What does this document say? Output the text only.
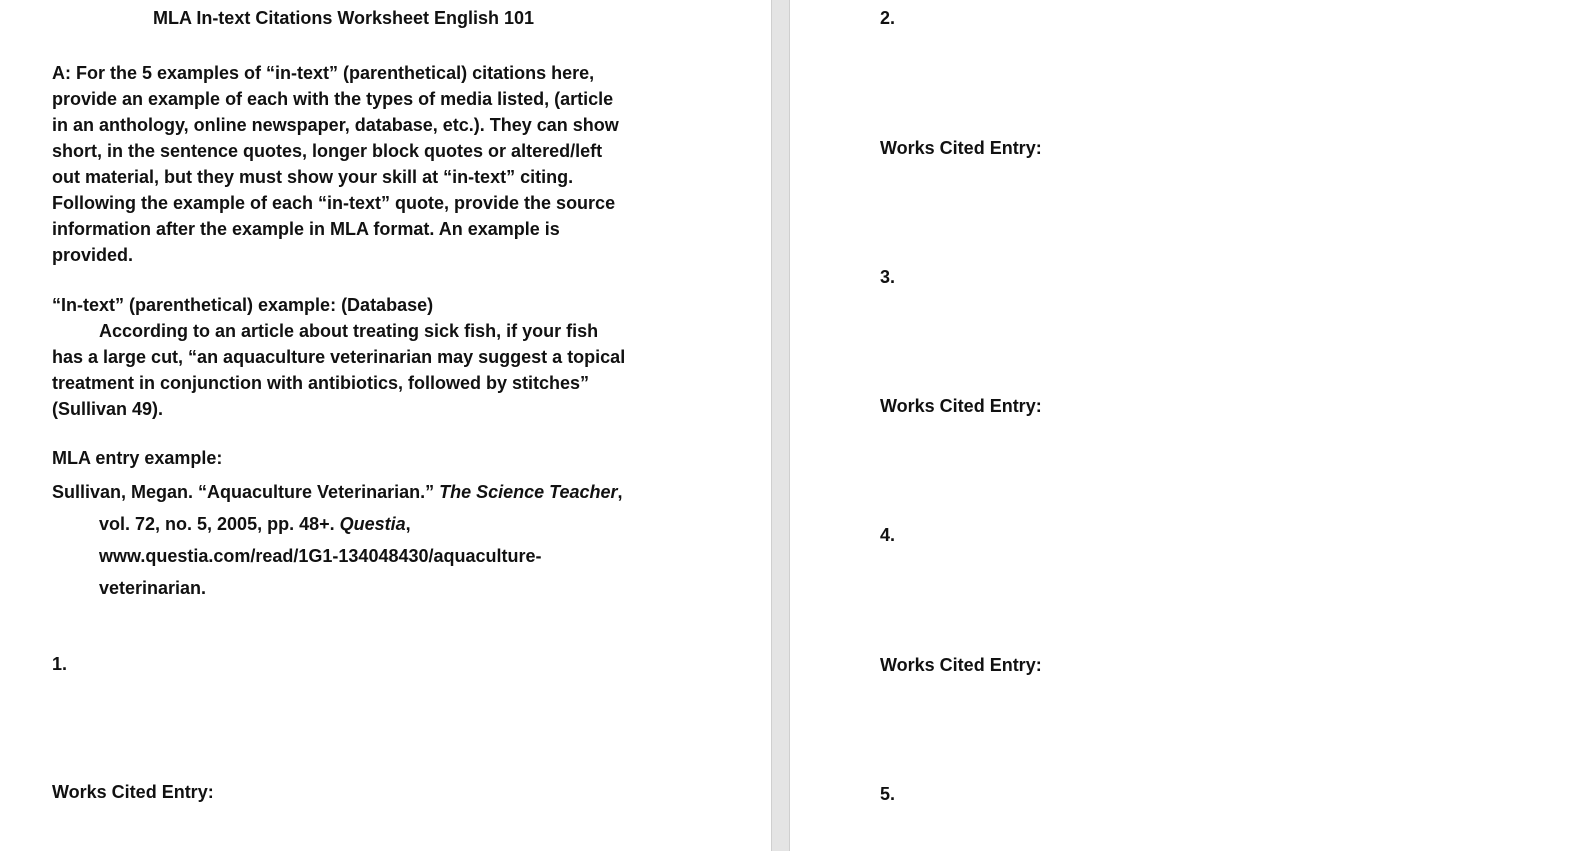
MLA In-text Citations Worksheet English 101
A: For the 5 examples of “in-text” (parenthetical) citations here,
provide an example of each with the types of media listed, (article
in an anthology, online newspaper, database, etc.). They can show
short, in the sentence quotes, longer block quotes or altered/left
out material, but they must show your skill at “in-text” citing.
Following the example of each “in-text” quote, provide the source
information after the example in MLA format. An example is
provided.
“In-text” (parenthetical) example: (Database)
According to an article about treating sick fish, if your fish
has a large cut, “an aquaculture veterinarian may suggest a topical
treatment in conjunction with antibiotics, followed by stitches”
(Sullivan 49).
MLA entry example:
Sullivan, Megan. “Aquaculture Veterinarian.” The Science Teacher,
vol. 72, no. 5, 2005, pp. 48+. Questia,
www.questia.com/read/1G1-134048430/aquaculture-
veterinarian.
1.
Works Cited Entry:
2.
Works Cited Entry:
3.
Works Cited Entry:
4.
Works Cited Entry:
5.
